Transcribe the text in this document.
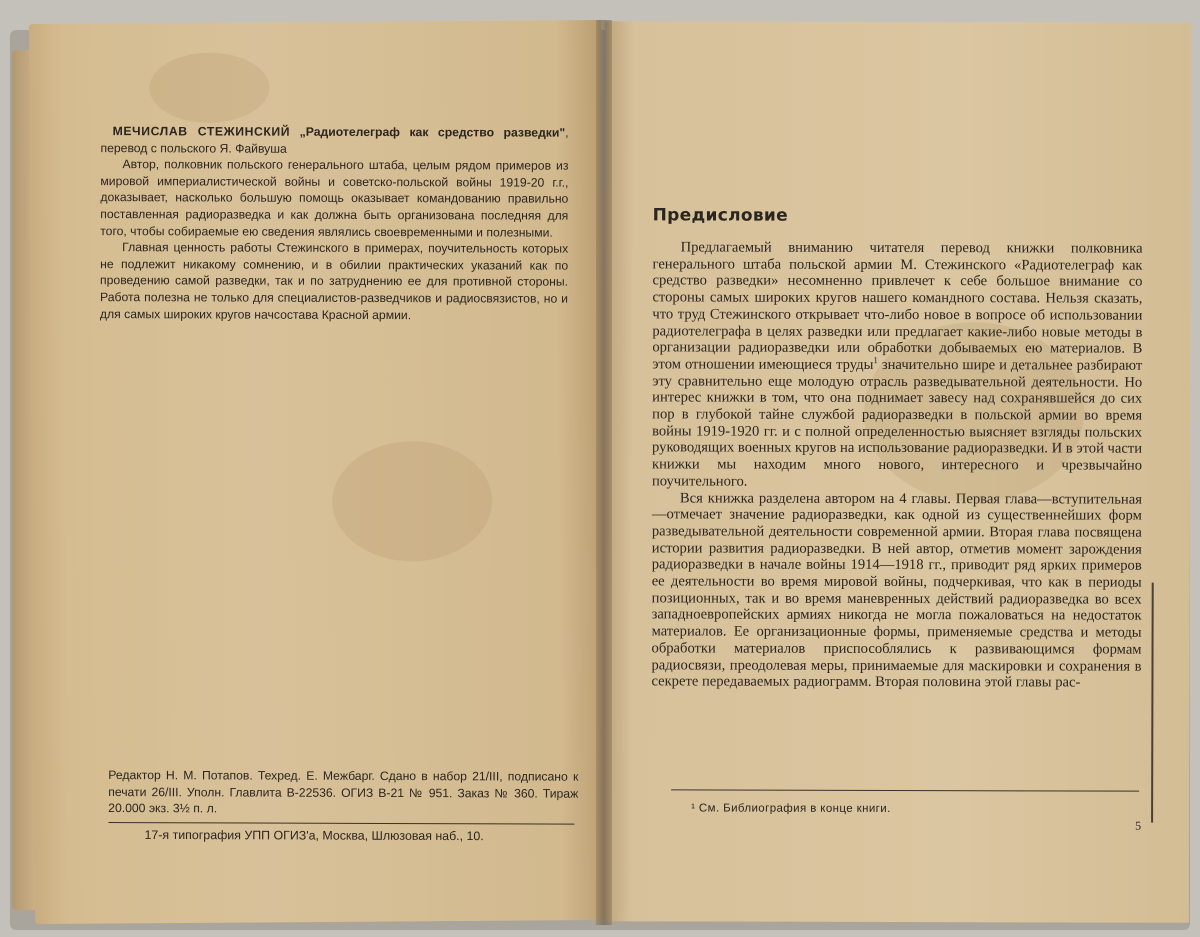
МЕЧИСЛАВ СТЕЖИНСКИЙ „Радиотелеграф как средство разведки", перевод с польского Я. Файвуша

Автор, полковник польского генерального штаба, целым рядом примеров из мировой империалистической войны и советско-польской войны 1919-20 г.г., доказывает, насколько большую помощь оказывает командованию правильно поставленная радиоразведка и как должна быть организована последняя для того, чтобы собираемые ею сведения являлись своевременными и полезными.

Главная ценность работы Стежинского в примерах, поучительность которых не подлежит никакому сомнению, и в обилии практических указаний как по проведению самой разведки, так и по затруднению ее для противной стороны. Работа полезна не только для специалистов-разведчиков и радиосвязистов, но и для самых широких кругов начсостава Красной армии.

Редактор Н. М. Потапов. Техред. Е. Межбарг. Сдано в набор 21/III, подписано к печати 26/III. Уполн. Главлита В-22536. ОГИЗ В-21 № 951. Заказ № 360. Тираж 20.000 экз. 3½ п. л.
17-я типография УПП ОГИЗ'а, Москва, Шлюзовая наб., 10.
Предисловие

Предлагаемый вниманию читателя перевод книжки полковника генерального штаба польской армии М. Стежинского «Радиотелеграф как средство разведки» несомненно привлечет к себе большое внимание со стороны самых широких кругов нашего командного состава. Нельзя сказать, что труд Стежинского открывает что-либо новое в вопросе об использовании радиотелеграфа в целях разведки или предлагает какие-либо новые методы в организации радиоразведки или обработки добываемых ею материалов. В этом отношении имеющиеся труды$^1$ значительно шире и детальнее разбирают эту сравнительно еще молодую отрасль разведывательной деятельности. Но интерес книжки в том, что она поднимает завесу над сохранявшейся до сих пор в глубокой тайне службой радиоразведки в польской армии во время войны 1919-1920 гг. и с полной определенностью выясняет взгляды польских руководящих военных кругов на использование радиоразведки. И в этой части книжки мы находим много нового, интересного и чрезвычайно поучительного.

Вся книжка разделена автором на 4 главы. Первая глава—вступительная—отмечает значение радиоразведки, как одной из существеннейших форм разведывательной деятельности современной армии. Вторая глава посвящена истории развития радиоразведки. В ней автор, отметив момент зарождения радиоразведки в начале войны 1914—1918 гг., приводит ряд ярких примеров ее деятельности во время мировой войны, подчеркивая, что как в периоды позиционных, так и во время маневренных действий радиоразведка во всех западноевропейских армиях никогда не могла пожаловаться на недостаток материалов. Ее организационные формы, применяемые средства и методы обработки материалов приспособлялись к развивающимся формам радиосвязи, преодолевая меры, принимаемые для маскировки и сохранения в секрете передаваемых радиограмм. Вторая половина этой главы рас-

¹ См. Библиография в конце книги.
5
